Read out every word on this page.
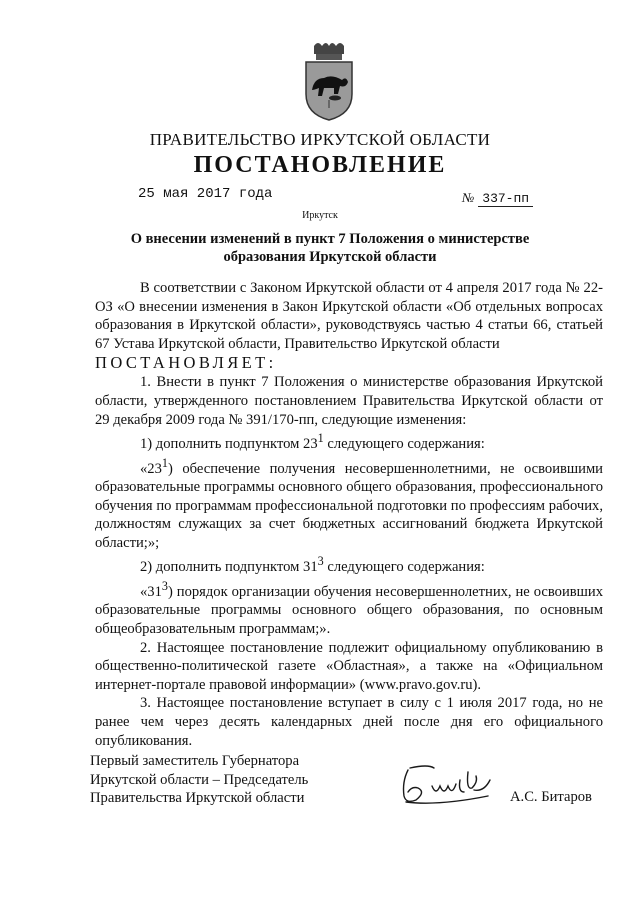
ПРАВИТЕЛЬСТВО ИРКУТСКОЙ ОБЛАСТИ
ПОСТАНОВЛЕНИЕ
25 мая 2017 года	№ 337-пп
Иркутск
О внесении изменений в пункт 7 Положения о министерстве
образования Иркутской области

В соответствии с Законом Иркутской области от 4 апреля 2017 года № 22-ОЗ «О внесении изменения в Закон Иркутской области «Об отдельных вопросах образования в Иркутской области», руководствуясь частью 4 статьи 66, статьей 67 Устава Иркутской области, Правительство Иркутской области

ПОСТАНОВЛЯЕТ:

1. Внести в пункт 7 Положения о министерстве образования Иркутской области, утвержденного постановлением Правительства Иркутской области от 29 декабря 2009 года № 391/170-пп, следующие изменения:

1) дополнить подпунктом $23^1$ следующего содержания:

«$23^1$) обеспечение получения несовершеннолетними, не освоившими образовательные программы основного общего образования, профессионального обучения по программам профессиональной подготовки по профессиям рабочих, должностям служащих за счет бюджетных ассигнований бюджета Иркутской области;»;

2) дополнить подпунктом $31^3$ следующего содержания:

«$31^3$) порядок организации обучения несовершеннолетних, не освоивших образовательные программы основного общего образования, по основным общеобразовательным программам;».

2. Настоящее постановление подлежит официальному опубликованию в общественно-политической газете «Областная», а также на «Официальном интернет-портале правовой информации» (www.pravo.gov.ru).

3. Настоящее постановление вступает в силу с 1 июля 2017 года, но не ранее чем через десять календарных дней после дня его официального опубликования.

Первый заместитель Губернатора
Иркутской области – Председатель
Правительства Иркутской области	А.С. Битаров
